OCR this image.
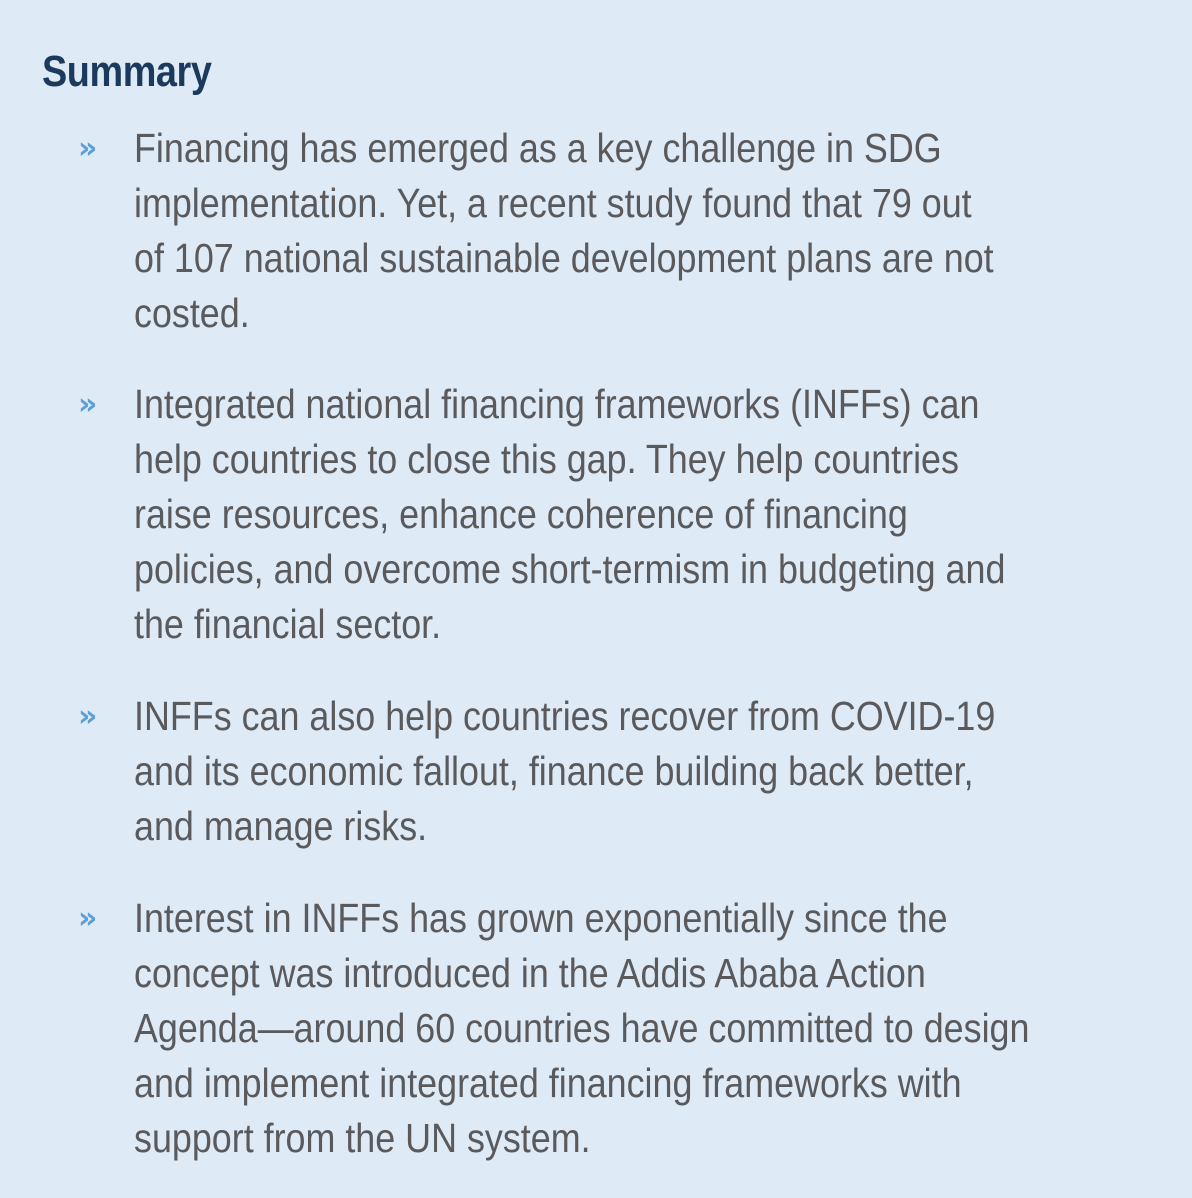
Summary
» Financing has emerged as a key challenge in SDG
implementation. Yet, a recent study found that 79 out
of 107 national sustainable development plans are not
costed.

» Integrated national financing frameworks (INFFs) can
help countries to close this gap. They help countries
raise resources, enhance coherence of financing
policies, and overcome short-termism in budgeting and
the financial sector.

» INFFs can also help countries recover from COVID-19
and its economic fallout, finance building back better,
and manage risks.

» Interest in INFFs has grown exponentially since the
concept was introduced in the Addis Ababa Action
Agenda—around 60 countries have committed to design
and implement integrated financing frameworks with
support from the UN system.
